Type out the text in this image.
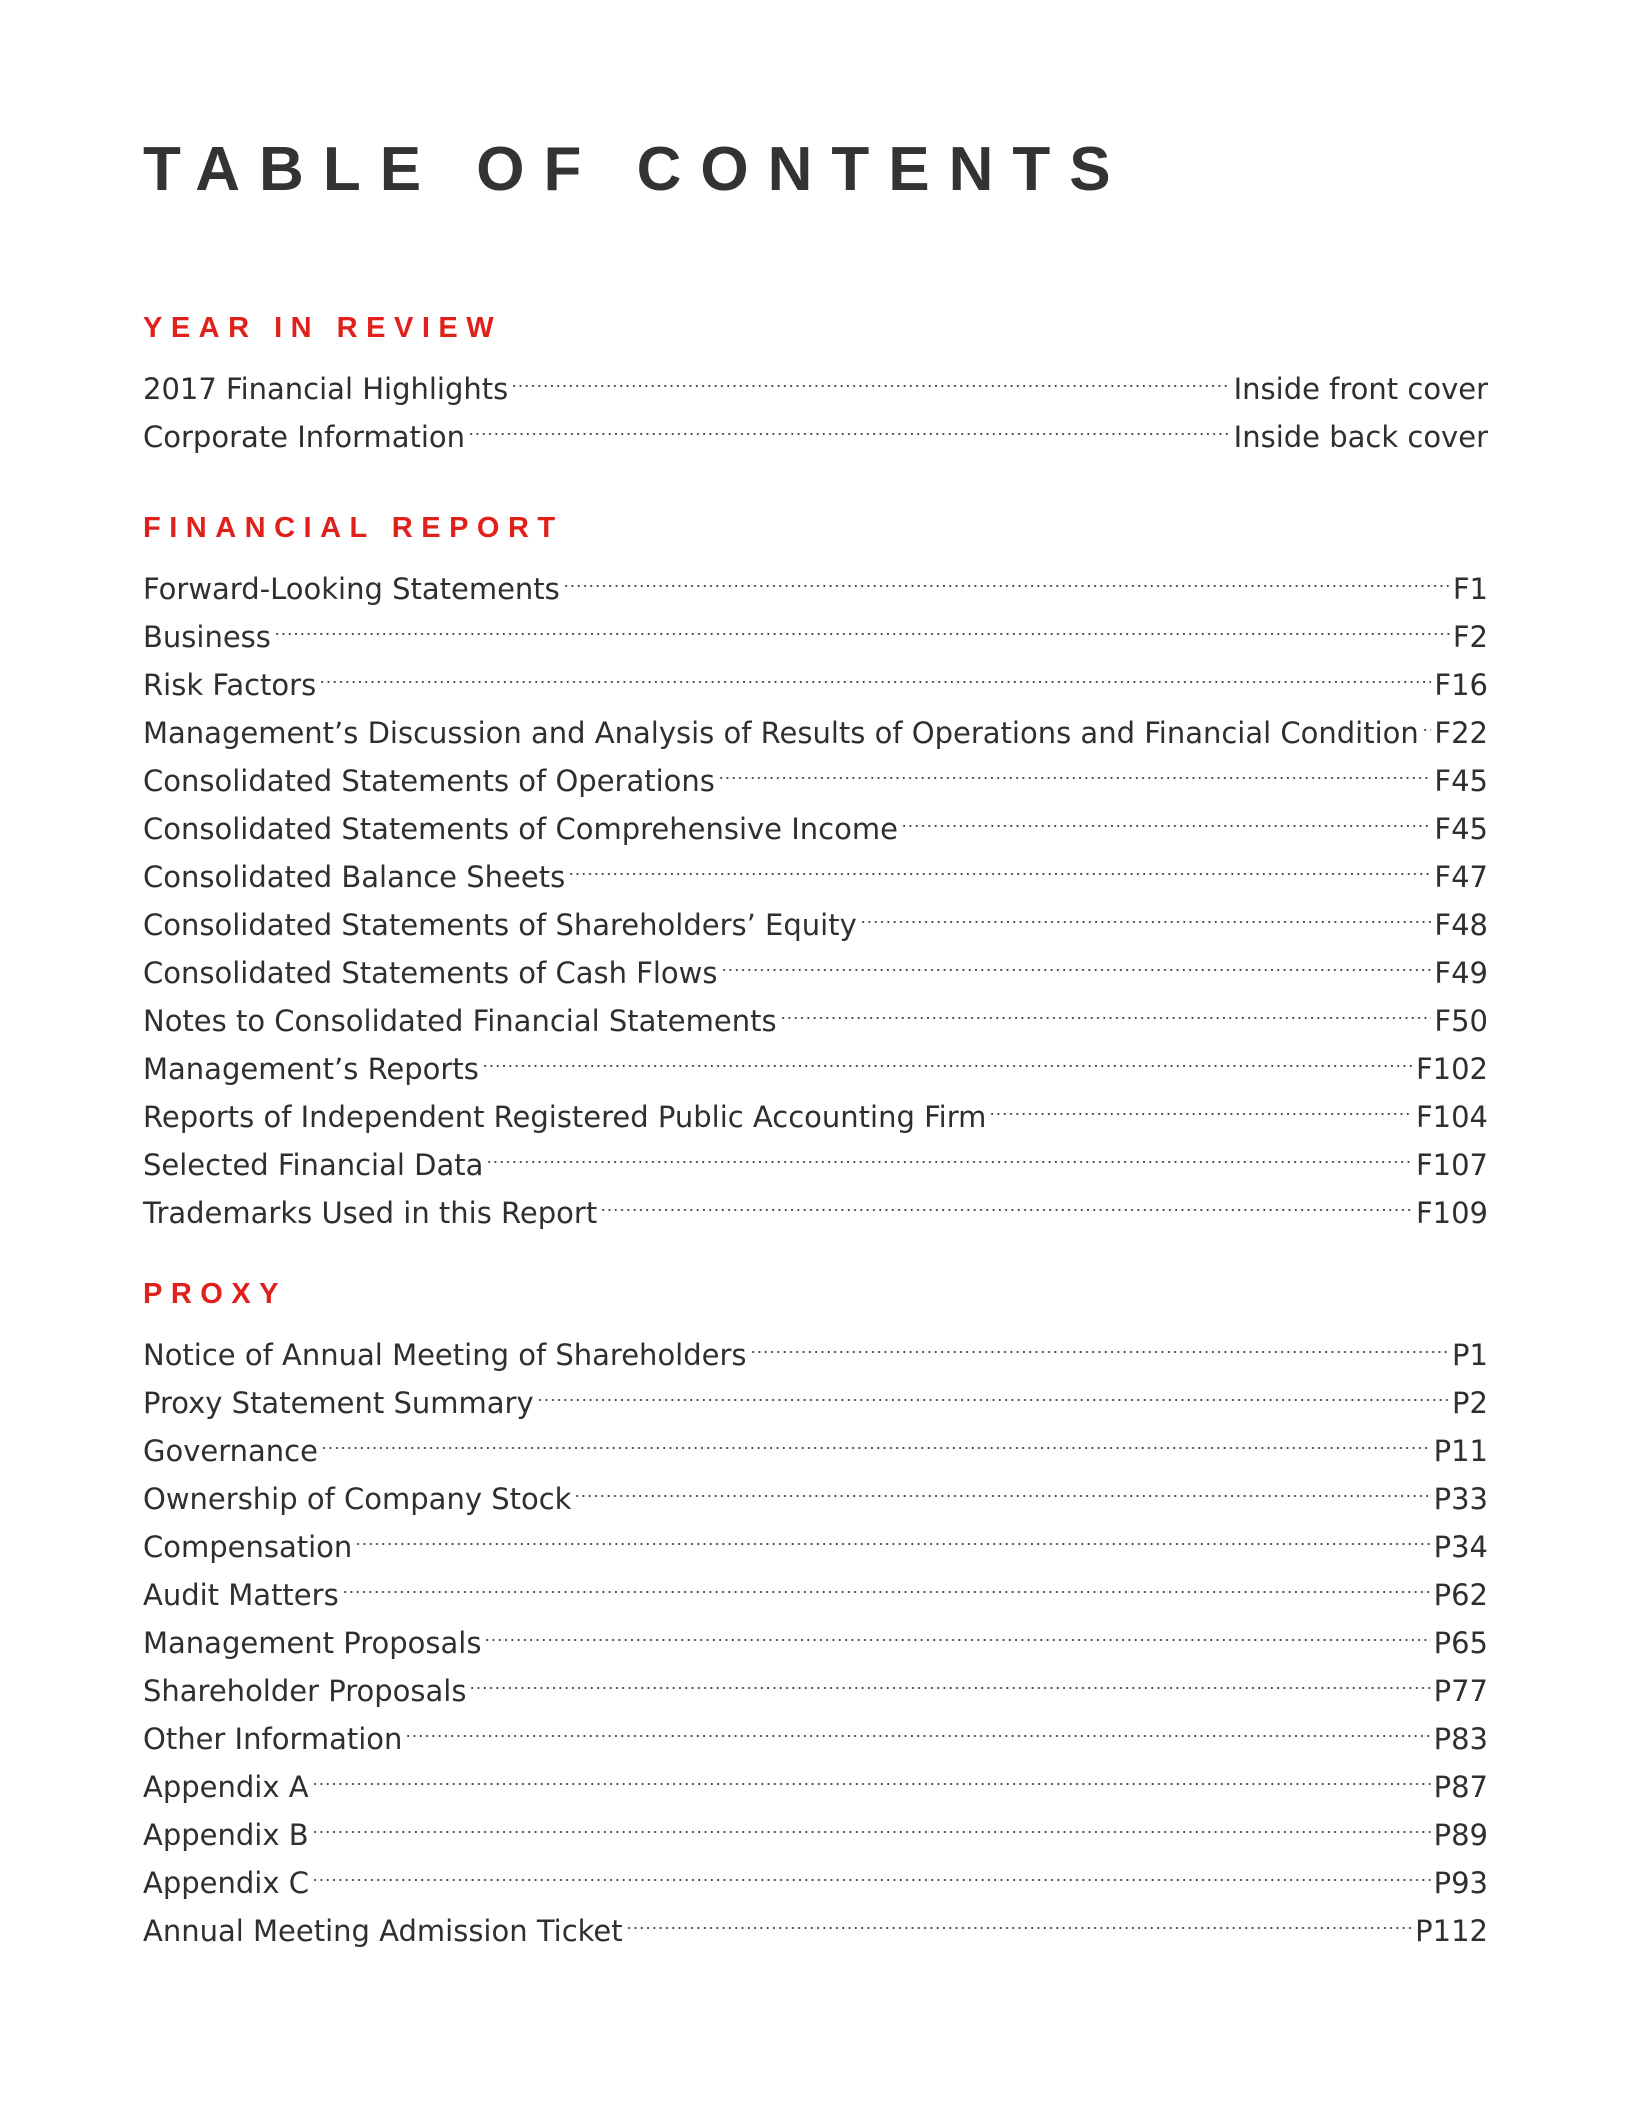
TABLE OF CONTENTS
YEAR IN REVIEW
2017 Financial Highlights	Inside front cover
Corporate Information	Inside back cover
FINANCIAL REPORT
Forward-Looking Statements	F1
Business	F2
Risk Factors	F16
Management’s Discussion and Analysis of Results of Operations and Financial Condition F22
Consolidated Statements of Operations	F45
Consolidated Statements of Comprehensive Income	F45
Consolidated Balance Sheets	F47
Consolidated Statements of Shareholders’ Equity	F48
Consolidated Statements of Cash Flows	F49
Notes to Consolidated Financial Statements	F50
Management’s Reports	F102
Reports of Independent Registered Public Accounting Firm	F104
Selected Financial Data	F107
Trademarks Used in this Report	F109
PROXY
Notice of Annual Meeting of Shareholders	P1
Proxy Statement Summary	P2
Governance	P11
Ownership of Company Stock	P33
Compensation	P34
Audit Matters	P62
Management Proposals	P65
Shareholder Proposals	P77
Other Information	P83
Appendix A	P87
Appendix B	P89
Appendix C	P93
Annual Meeting Admission Ticket	P112
